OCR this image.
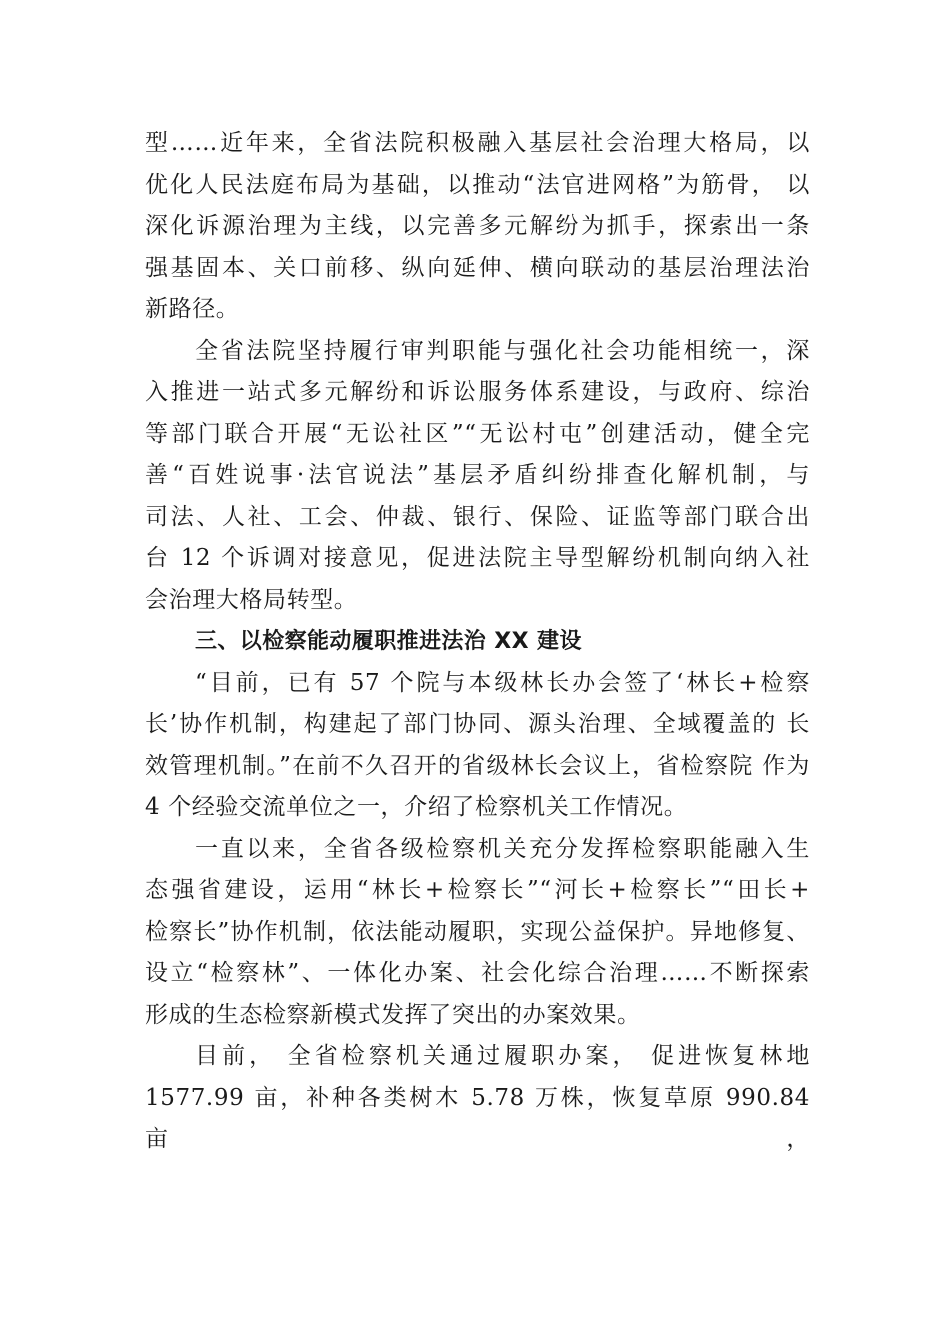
型……近年来，全省法院积极融入基层社会治理大格局，以
优化人民法庭布局为基础，以推动“法官进网格”为筋骨， 以
深化诉源治理为主线，以完善多元解纷为抓手，探索出一条
强基固本、关口前移、纵向延伸、横向联动的基层治理法治
新路径。
全省法院坚持履行审判职能与强化社会功能相统一，深
入推进一站式多元解纷和诉讼服务体系建设，与政府、综治
等部门联合开展“无讼社区”“无讼村屯”创建活动，健全完
善“百姓说事·法官说法”基层矛盾纠纷排查化解机制，与
司法、人社、工会、仲裁、银行、保险、证监等部门联合出
台 12 个诉调对接意见，促进法院主导型解纷机制向纳入社
会治理大格局转型。
三、以检察能动履职推进法治 XX 建设
“目前，已有 57 个院与本级林长办会签了‘林长+检察
长’协作机制，构建起了部门协同、源头治理、全域覆盖的 长
效管理机制。”在前不久召开的省级林长会议上，省检察院 作为
4 个经验交流单位之一，介绍了检察机关工作情况。
一直以来，全省各级检察机关充分发挥检察职能融入生
态强省建设，运用“林长+检察长”“河长+检察长”“田长+
检察长”协作机制，依法能动履职，实现公益保护。异地修复、
设立“检察林”、一体化办案、社会化综合治理……不断探索
形成的生态检察新模式发挥了突出的办案效果。
目前， 全省检察机关通过履职办案， 促进恢复林地
1577.99 亩，补种各类树木 5.78 万株，恢复草原 990.84 亩，
